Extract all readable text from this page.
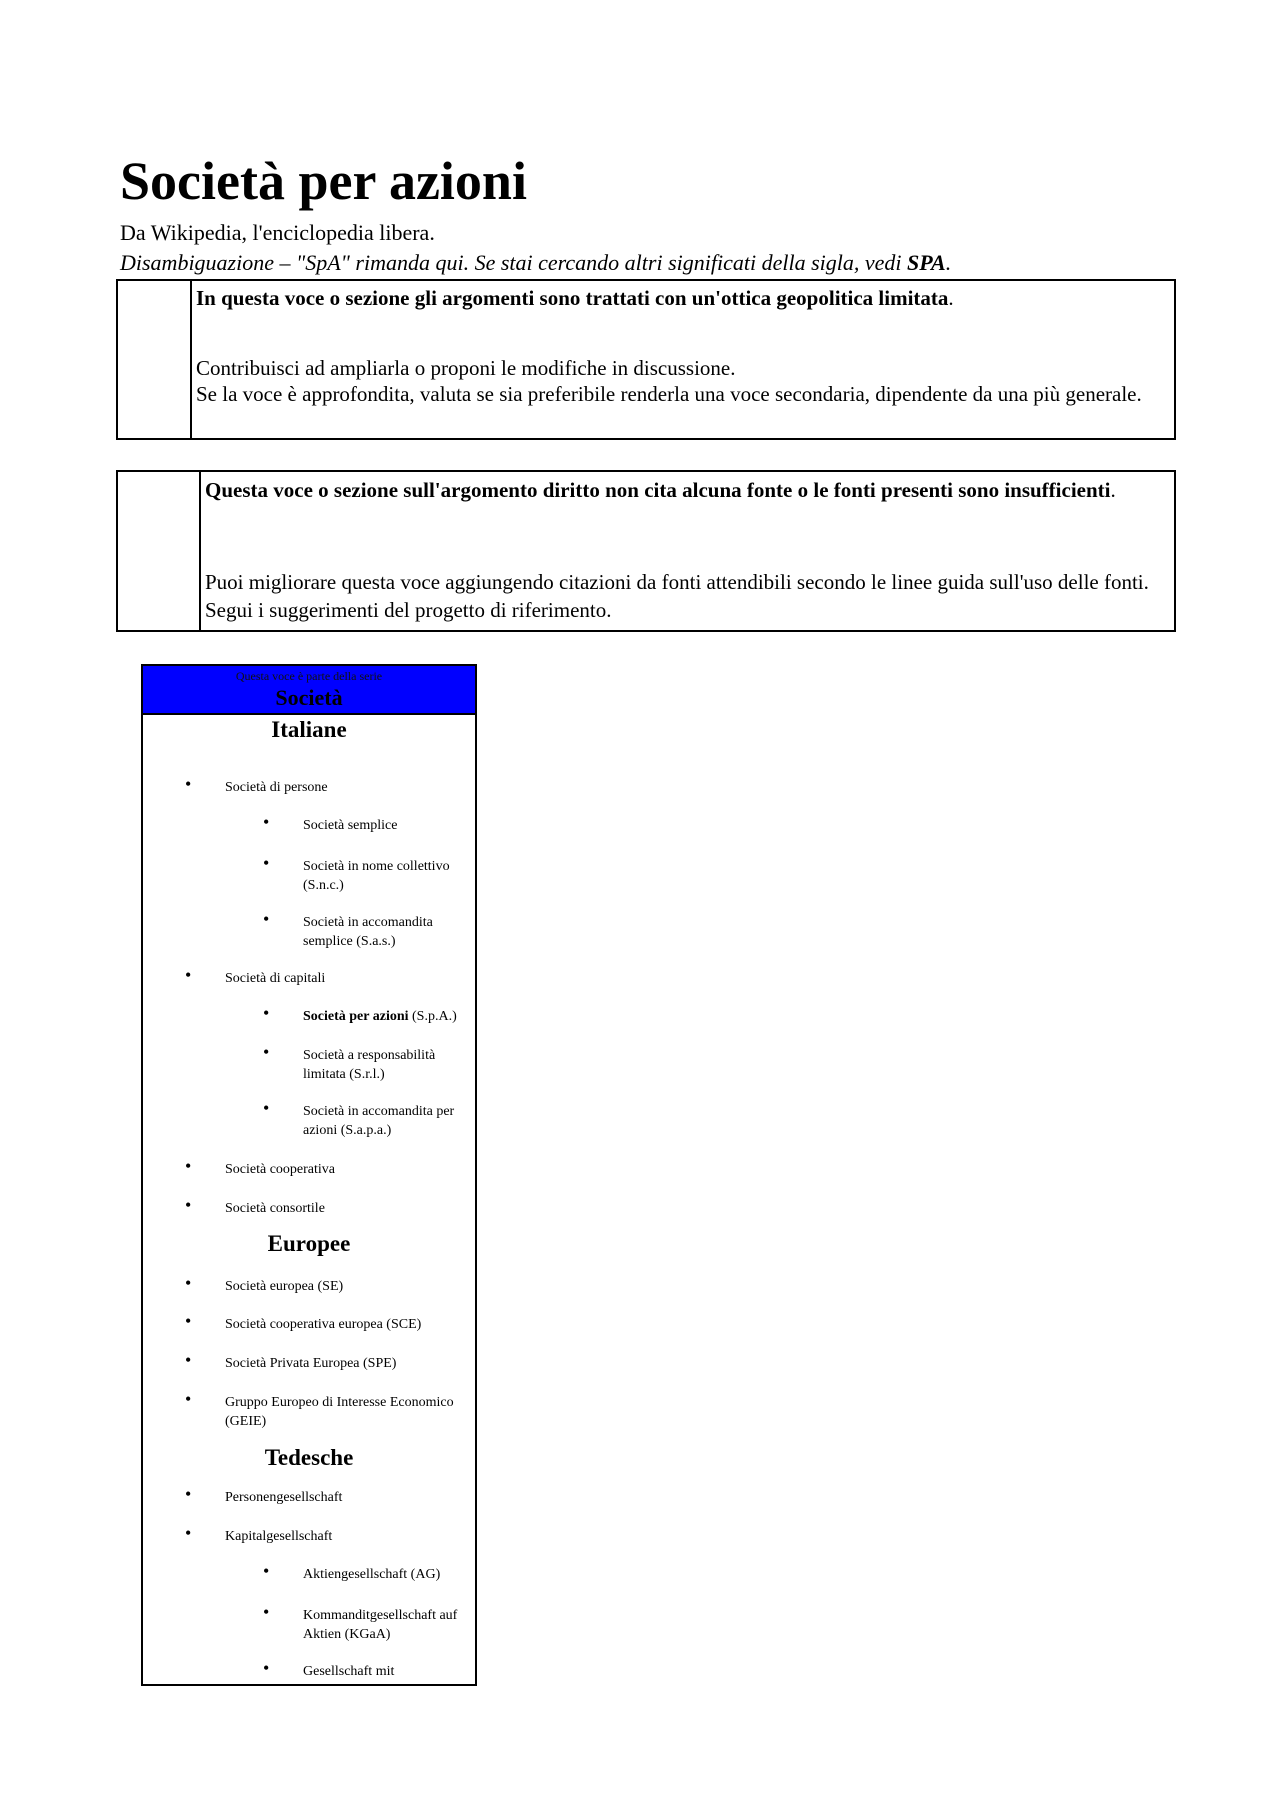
Società per azioni
Da Wikipedia, l'enciclopedia libera.
Disambiguazione – "SpA" rimanda qui. Se stai cercando altri significati della sigla, vedi SPA.
In questa voce o sezione gli argomenti sono trattati con un'ottica geopolitica limitata.
Contribuisci ad ampliarla o proponi le modifiche in discussione.
Se la voce è approfondita, valuta se sia preferibile renderla una voce secondaria, dipendente da una più generale.
Questa voce o sezione sull'argomento diritto non cita alcuna fonte o le fonti presenti sono insufficienti.
Puoi migliorare questa voce aggiungendo citazioni da fonti attendibili secondo le linee guida sull'uso delle fonti. Segui i suggerimenti del progetto di riferimento.
Questa voce è parte della serie
Società
Italiane
• Società di persone
• Società semplice
• Società in nome collettivo (S.n.c.)
• Società in accomandita semplice (S.a.s.)
• Società di capitali
• Società per azioni (S.p.A.)
• Società a responsabilità limitata (S.r.l.)
• Società in accomandita per azioni (S.a.p.a.)
• Società cooperativa
• Società consortile
Europee
• Società europea (SE)
• Società cooperativa europea (SCE)
• Società Privata Europea (SPE)
• Gruppo Europeo di Interesse Economico (GEIE)
Tedesche
• Personengesellschaft
• Kapitalgesellschaft
• Aktiengesellschaft (AG)
• Kommanditgesellschaft auf Aktien (KGaA)
• Gesellschaft mit
